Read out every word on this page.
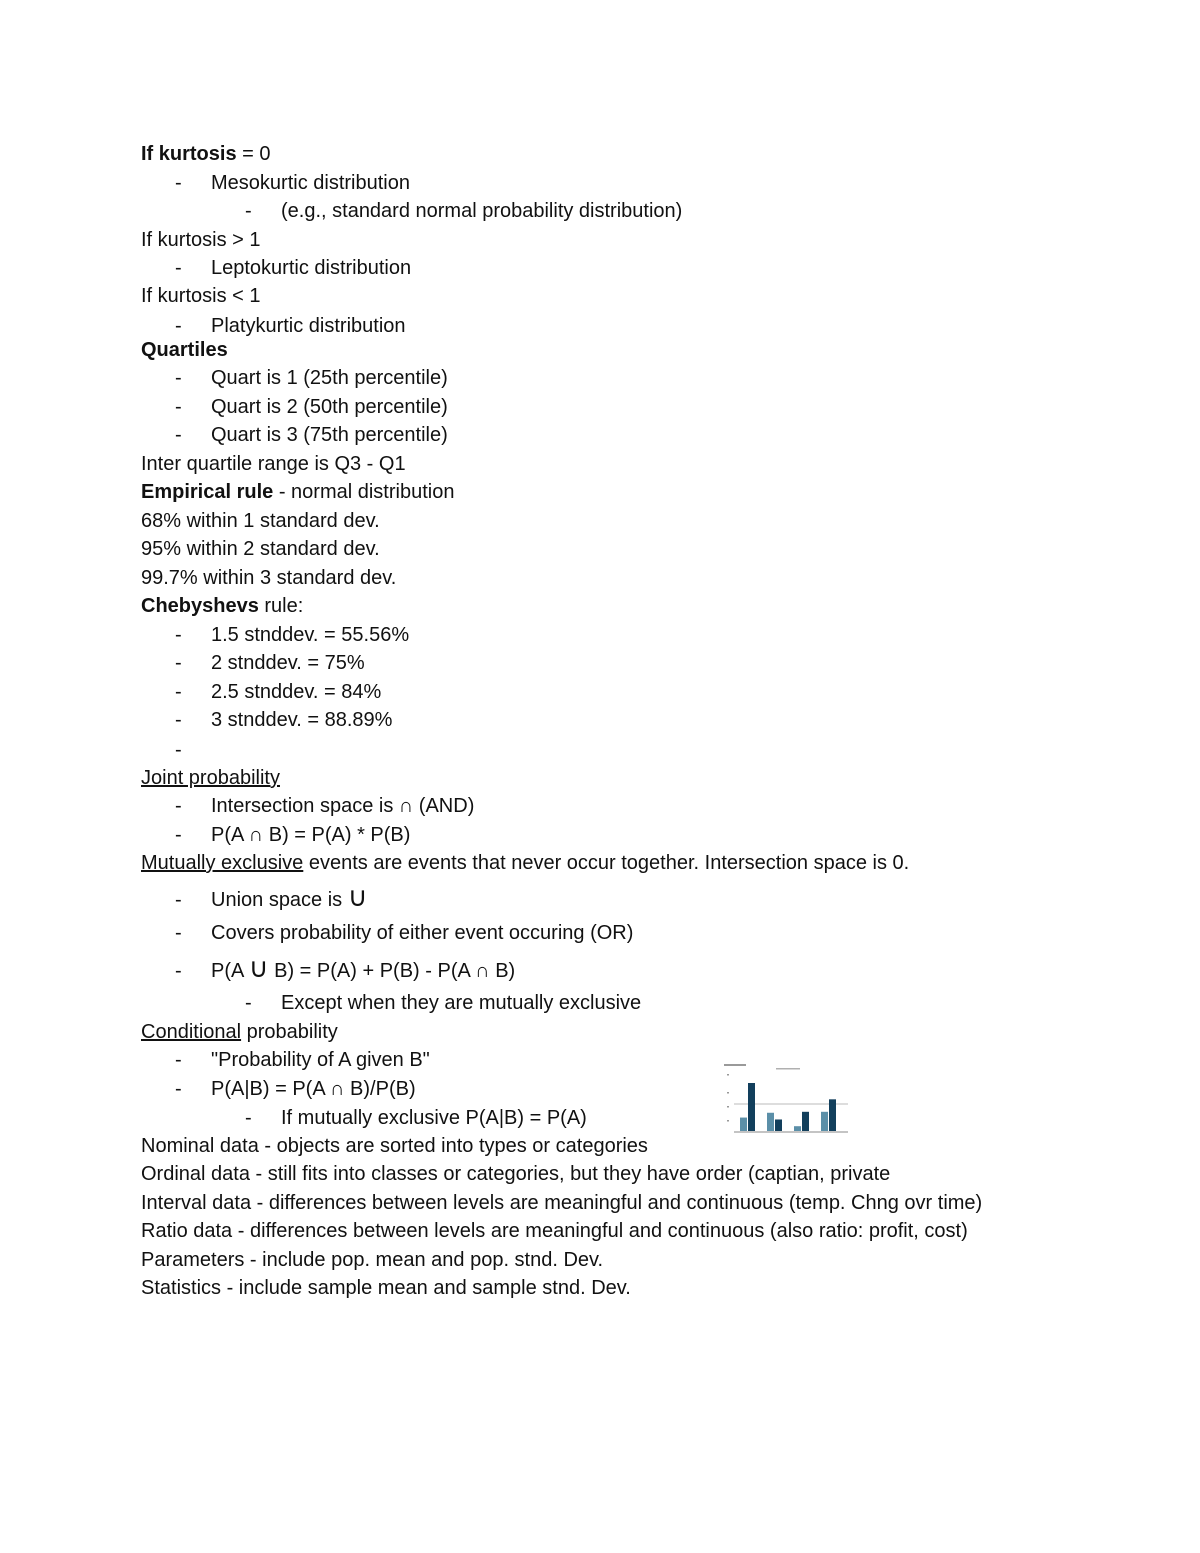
If kurtosis = 0
- Mesokurtic distribution
- (e.g., standard normal probability distribution)
If kurtosis > 1
- Leptokurtic distribution
If kurtosis < 1
- Platykurtic distribution
Quartiles
- Quart is 1 (25th percentile)
- Quart is 2 (50th percentile)
- Quart is 3 (75th percentile)
Inter quartile range is Q3 - Q1
Empirical rule - normal distribution
68% within 1 standard dev.
95% within 2 standard dev.
99.7% within 3 standard dev.
Chebyshevs rule:
- 1.5 stnddev. = 55.56%
- 2 stnddev. = 75%
- 2.5 stnddev. = 84%
- 3 stnddev. = 88.89%
-
Joint probability
- Intersection space is ∩ (AND)
- P(A ∩ B) = P(A) * P(B)
Mutually exclusive events are events that never occur together. Intersection space is 0.
- Union space is ∪
- Covers probability of either event occuring (OR)
- P(A ∪ B) = P(A) + P(B) - P(A ∩ B)
- Except when they are mutually exclusive
Conditional probability
- "Probability of A given B"
- P(A|B) = P(A ∩ B)/P(B)
- If mutually exclusive P(A|B) = P(A)
Nominal data - objects are sorted into types or categories
Ordinal data - still fits into classes or categories, but they have order (captian, private
Interval data - differences between levels are meaningful and continuous (temp. Chng ovr time)
Ratio data - differences between levels are meaningful and continuous (also ratio: profit, cost)
Parameters - include pop. mean and pop. stnd. Dev.
Statistics - include sample mean and sample stnd. Dev.
